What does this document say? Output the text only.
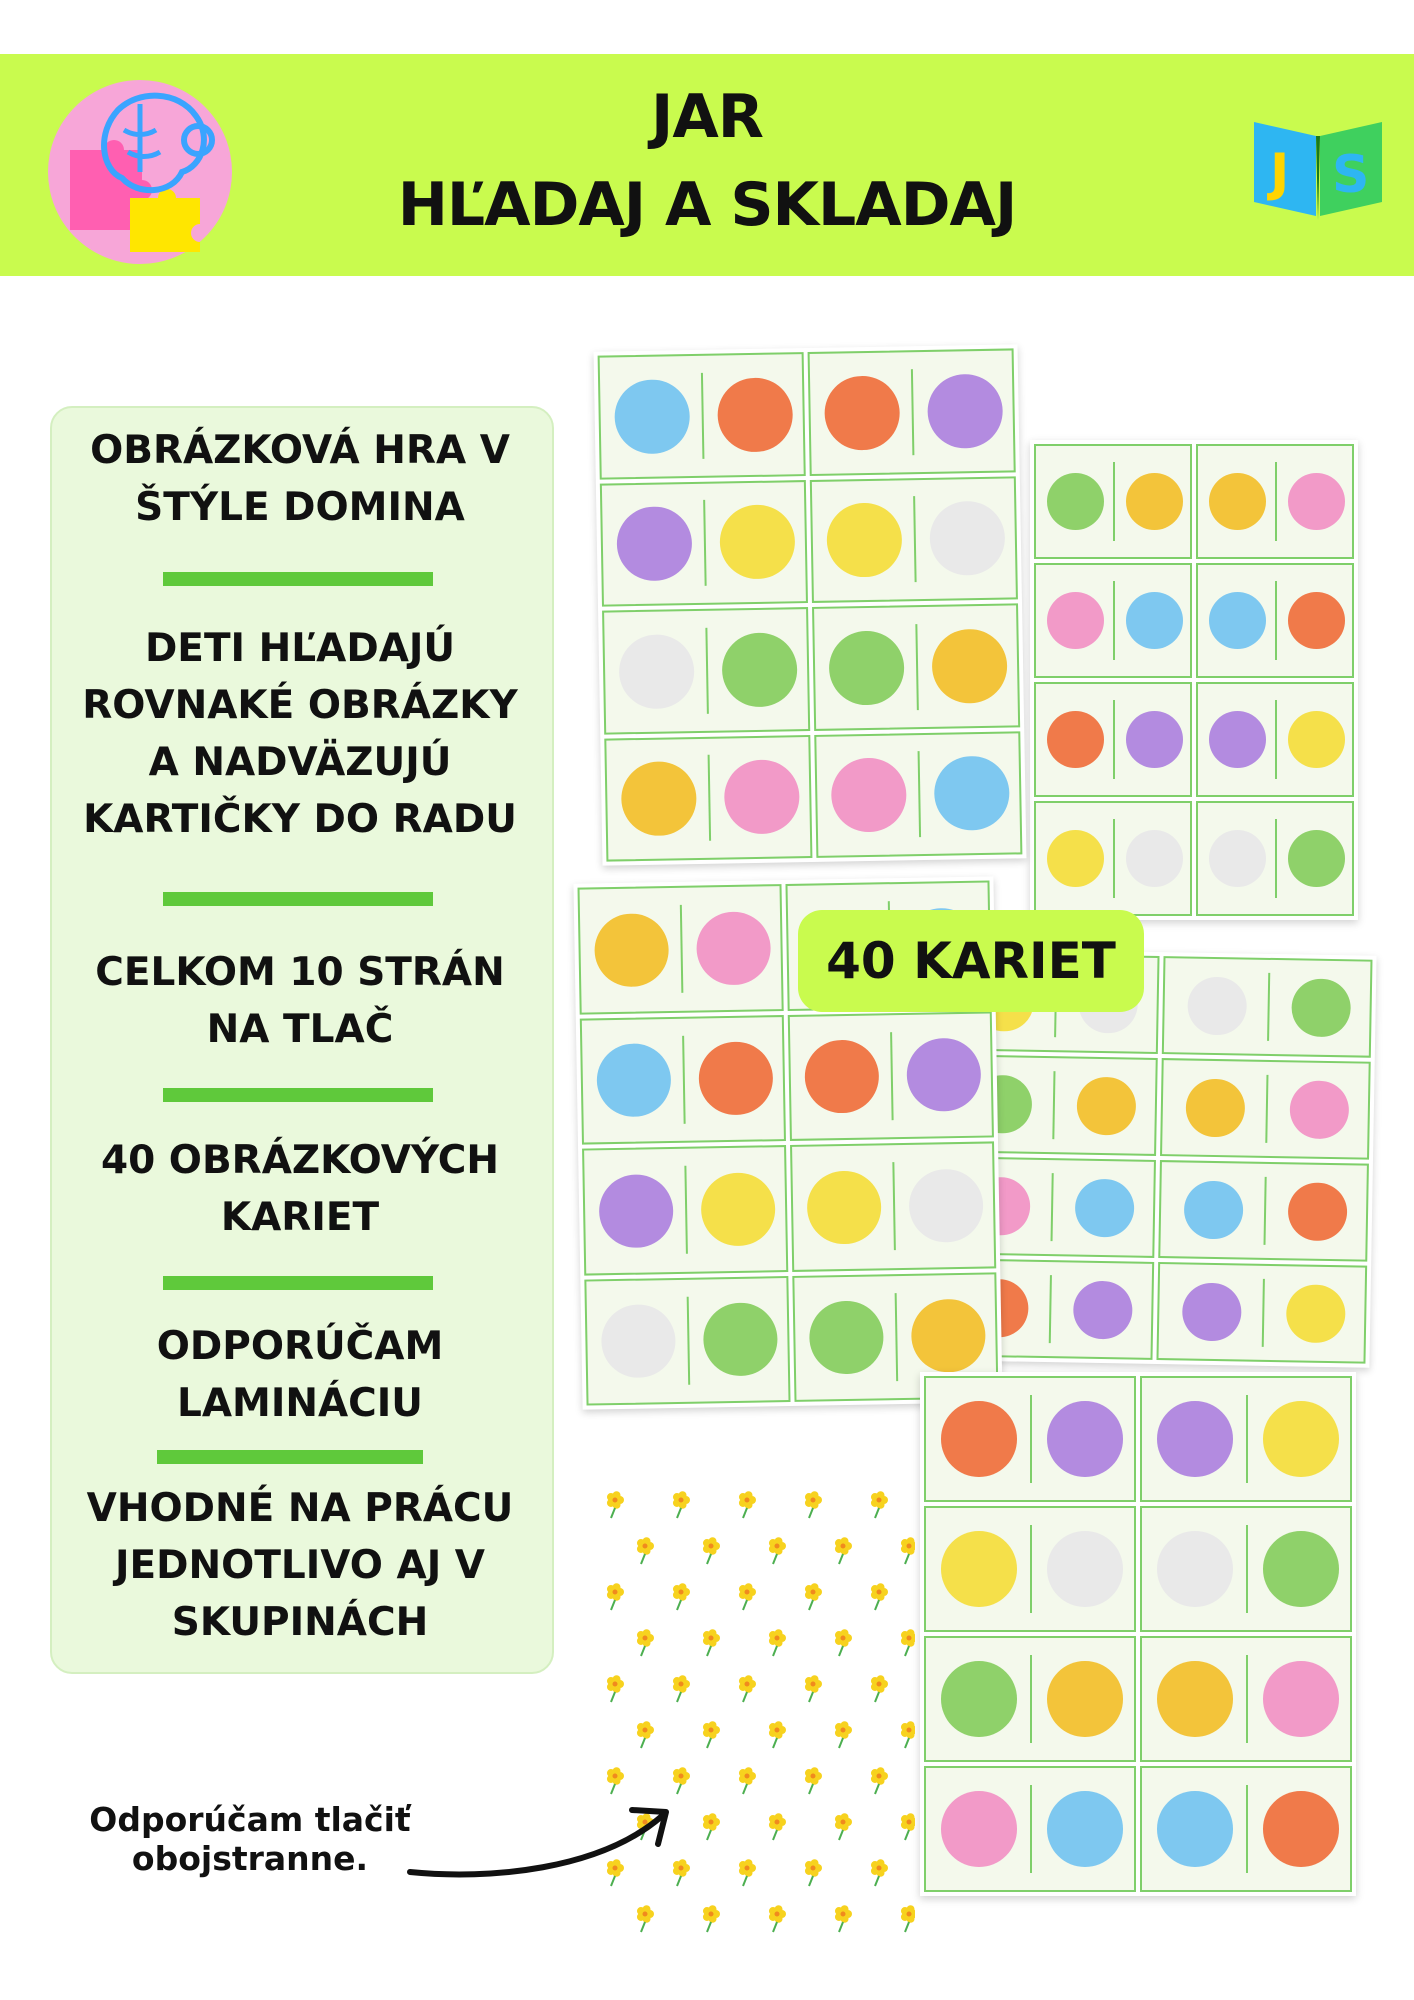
JAR
HĽADAJ A SKLADAJ	J S
OBRÁZKOVÁ HRA V
ŠTÝLE DOMINA
DETI HĽADAJÚ
ROVNAKÉ OBRÁZKY
A NADVÄZUJÚ
KARTIČKY DO RADU
CELKOM 10 STRÁN
NA TLAČ
40 OBRÁZKOVÝCH
KARIET
ODPORÚČAM
LAMINÁCIU
VHODNÉ NA PRÁCU
JEDNOTLIVO AJ V
SKUPINÁCH
40 KARIET
Odporúčam tlačiť
obojstranne.
